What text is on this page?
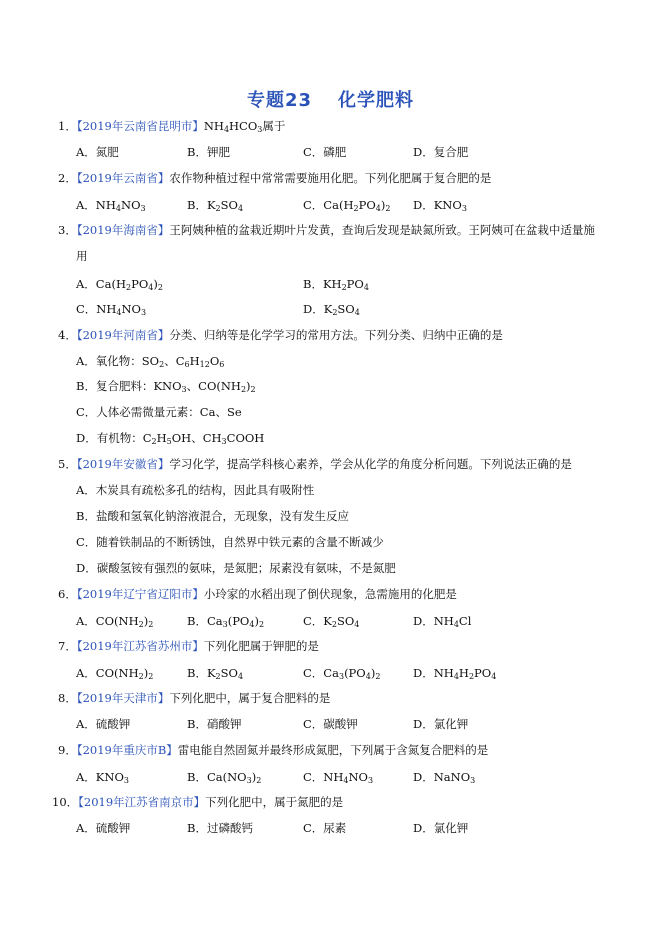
专题23 化学肥料
1．【2019年云南省昆明市】$NH_4HCO_3$属于
A．氮肥	B．钾肥	C．磷肥	D．复合肥
2．【2019年云南省】农作物种植过程中常常需要施用化肥。下列化肥属于复合肥的是
A．$NH_4NO_3$	B．$K_2SO_4$	C．$Ca(H_2PO_4)_2$ D．$KNO_3$
3．【2019年海南省】王阿姨种植的盆栽近期叶片发黄，查询后发现是缺氮所致。王阿姨可在盆栽中适量施
用
A．$Ca(H_2PO_4)_2$	B．$KH_2PO_4$
C．$NH_4NO_3$	D．$K_2SO_4$
4．【2019年河南省】分类、归纳等是化学学习的常用方法。下列分类、归纳中正确的是
A．氧化物：$SO_2$、$C_6H_{12}O_6$
B．复合肥料：$KNO_3$、$CO(NH_2)_2$
C．人体必需微量元素：Ca、Se
D．有机物：$C_2H_5OH$、$CH_3COOH$
5．【2019年安徽省】学习化学，提高学科核心素养，学会从化学的角度分析问题。下列说法正确的是
A．木炭具有疏松多孔的结构，因此具有吸附性
B．盐酸和氢氧化钠溶液混合，无现象，没有发生反应
C．随着铁制品的不断锈蚀，自然界中铁元素的含量不断减少
D．碳酸氢铵有强烈的氨味，是氮肥；尿素没有氨味，不是氮肥
6．【2019年辽宁省辽阳市】小玲家的水稻出现了倒伏现象，急需施用的化肥是
A．$CO(NH_2)_2$	B．$Ca_3(PO_4)_2$	C．$K_2SO_4$	D．$NH_4Cl$
7．【2019年江苏省苏州市】下列化肥属于钾肥的是
A．$CO(NH_2)_2$	B．$K_2SO_4$	C．$Ca_3(PO_4)_2$	D．$NH_4H_2PO_4$
8．【2019年天津市】下列化肥中，属于复合肥料的是
A．硫酸钾	B．硝酸钾	C．碳酸钾	D．氯化钾
9．【2019年重庆市B】雷电能自然固氮并最终形成氮肥，下列属于含氮复合肥料的是
A．$KNO_3$	B．$Ca(NO_3)_2$	C．$NH_4NO_3$	D．NaNO$_3$
10．【2019年江苏省南京市】下列化肥中，属于氮肥的是
A．硫酸钾	B．过磷酸钙	C．尿素	D．氯化钾
